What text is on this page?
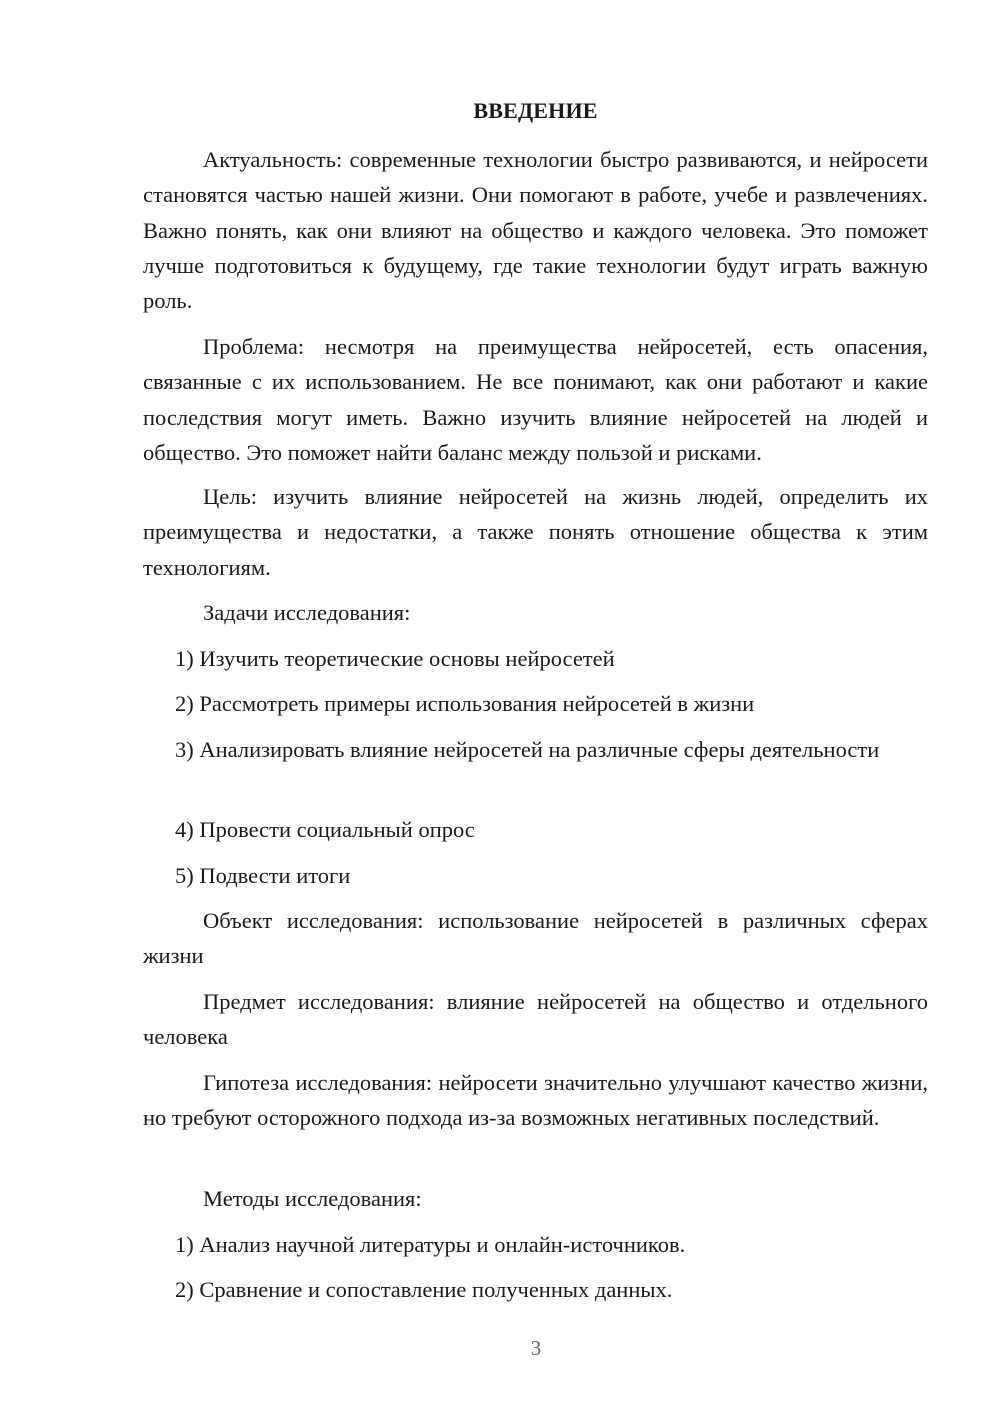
ВВЕДЕНИЕ

Актуальность: современные технологии быстро развиваются, и нейросети становятся частью нашей жизни. Они помогают в работе, учебе и развлечениях. Важно понять, как они влияют на общество и каждого человека. Это поможет лучше подготовиться к будущему, где такие технологии будут играть важную роль.

Проблема: несмотря на преимущества нейросетей, есть опасения, связанные с их использованием. Не все понимают, как они работают и какие последствия могут иметь. Важно изучить влияние нейросетей на людей и общество. Это поможет найти баланс между пользой и рисками.

Цель: изучить влияние нейросетей на жизнь людей, определить их преимущества и недостатки, а также понять отношение общества к этим технологиям.

Задачи исследования:

1) Изучить теоретические основы нейросетей

2) Рассмотреть примеры использования нейросетей в жизни

3) Анализировать влияние нейросетей на различные сферы деятельности

4) Провести социальный опрос

5) Подвести итоги

Объект исследования: использование нейросетей в различных сферах жизни

Предмет исследования: влияние нейросетей на общество и отдельного человека

Гипотеза исследования: нейросети значительно улучшают качество жизни, но требуют осторожного подхода из-за возможных негативных последствий.

Методы исследования:

1) Анализ научной литературы и онлайн-источников.

2) Сравнение и сопоставление полученных данных.

3
